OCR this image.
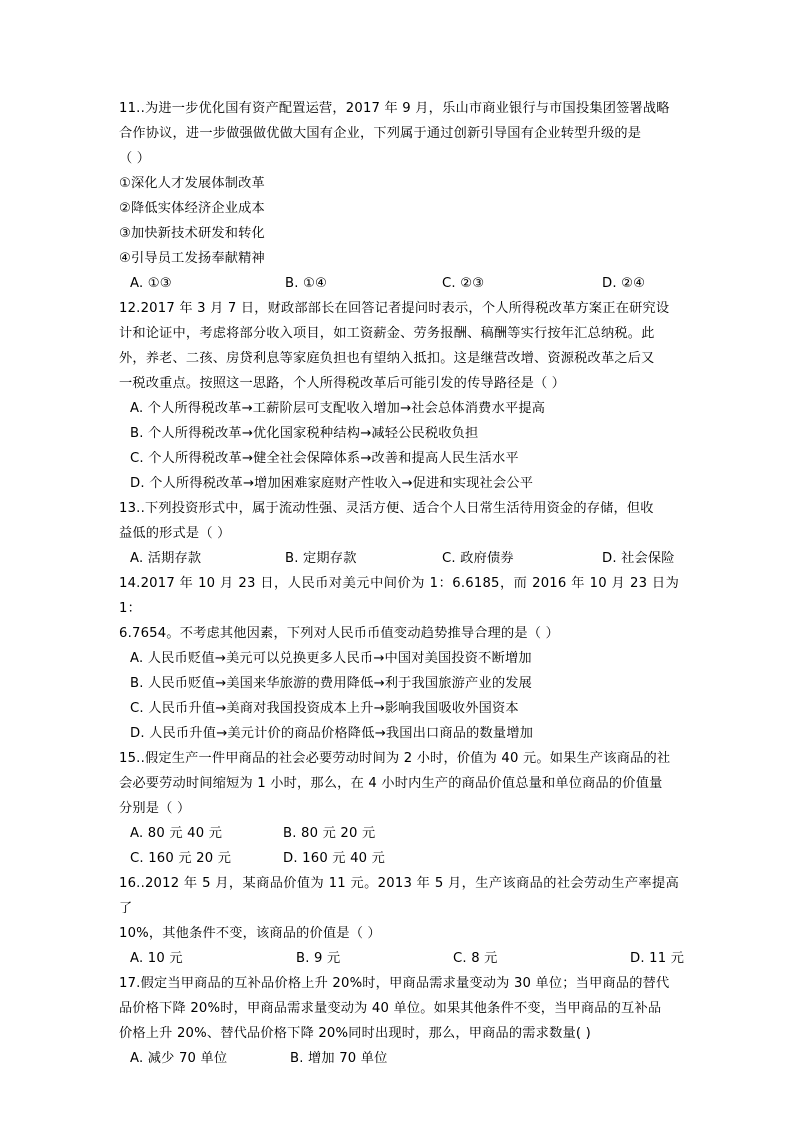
11..为进一步优化国有资产配置运营，2017 年 9 月，乐山市商业银行与市国投集团签署战略

合作协议，进一步做强做优做大国有企业，下列属于通过创新引导国有企业转型升级的是

（ ）

①深化人才发展体制改革

②降低实体经济企业成本

③加快新技术研发和转化

④引导员工发扬奉献精神

A. ①③	B. ①④	C. ②③	D. ②④

12.2017 年 3 月 7 日，财政部部长在回答记者提问时表示，个人所得税改革方案正在研究设

计和论证中，考虑将部分收入项目，如工资薪金、劳务报酬、稿酬等实行按年汇总纳税。此

外，养老、二孩、房贷利息等家庭负担也有望纳入抵扣。这是继营改增、资源税改革之后又

一税改重点。按照这一思路，个人所得税改革后可能引发的传导路径是（ ）

A. 个人所得税改革→工薪阶层可支配收入增加→社会总体消费水平提高

B. 个人所得税改革→优化国家税种结构→减轻公民税收负担

C. 个人所得税改革→健全社会保障体系→改善和提高人民生活水平

D. 个人所得税改革→增加困难家庭财产性收入→促进和实现社会公平

13..下列投资形式中，属于流动性强、灵活方便、适合个人日常生活待用资金的存储，但收

益低的形式是（ ）

A. 活期存款	B. 定期存款	C. 政府债券	D. 社会保险

14.2017 年 10 月 23 日，人民币对美元中间价为 1：6.6185，而 2016 年 10 月 23 日为 1：

6.7654。不考虑其他因素，下列对人民币币值变动趋势推导合理的是（ ）

A. 人民币贬值→美元可以兑换更多人民币→中国对美国投资不断增加

B. 人民币贬值→美国来华旅游的费用降低→利于我国旅游产业的发展

C. 人民币升值→美商对我国投资成本上升→影响我国吸收外国资本

D. 人民币升值→美元计价的商品价格降低→我国出口商品的数量增加

15..假定生产一件甲商品的社会必要劳动时间为 2 小时，价值为 40 元。如果生产该商品的社

会必要劳动时间缩短为 1 小时，那么，在 4 小时内生产的商品价值总量和单位商品的价值量

分别是（ ）

A. 80 元 40 元	B. 80 元 20 元
C. 160 元 20 元	D. 160 元 40 元

16..2012 年 5 月，某商品价值为 11 元。2013 年 5 月，生产该商品的社会劳动生产率提高了

10%，其他条件不变，该商品的价值是（ ）

A. 10 元	B. 9 元	C. 8 元	D. 11 元

17.假定当甲商品的互补品价格上升 20%时，甲商品需求量变动为 30 单位；当甲商品的替代

品价格下降 20%时，甲商品需求量变动为 40 单位。如果其他条件不变，当甲商品的互补品

价格上升 20%、替代品价格下降 20%同时出现时，那么，甲商品的需求数量( )

A. 减少 70 单位	B. 增加 70 单位
